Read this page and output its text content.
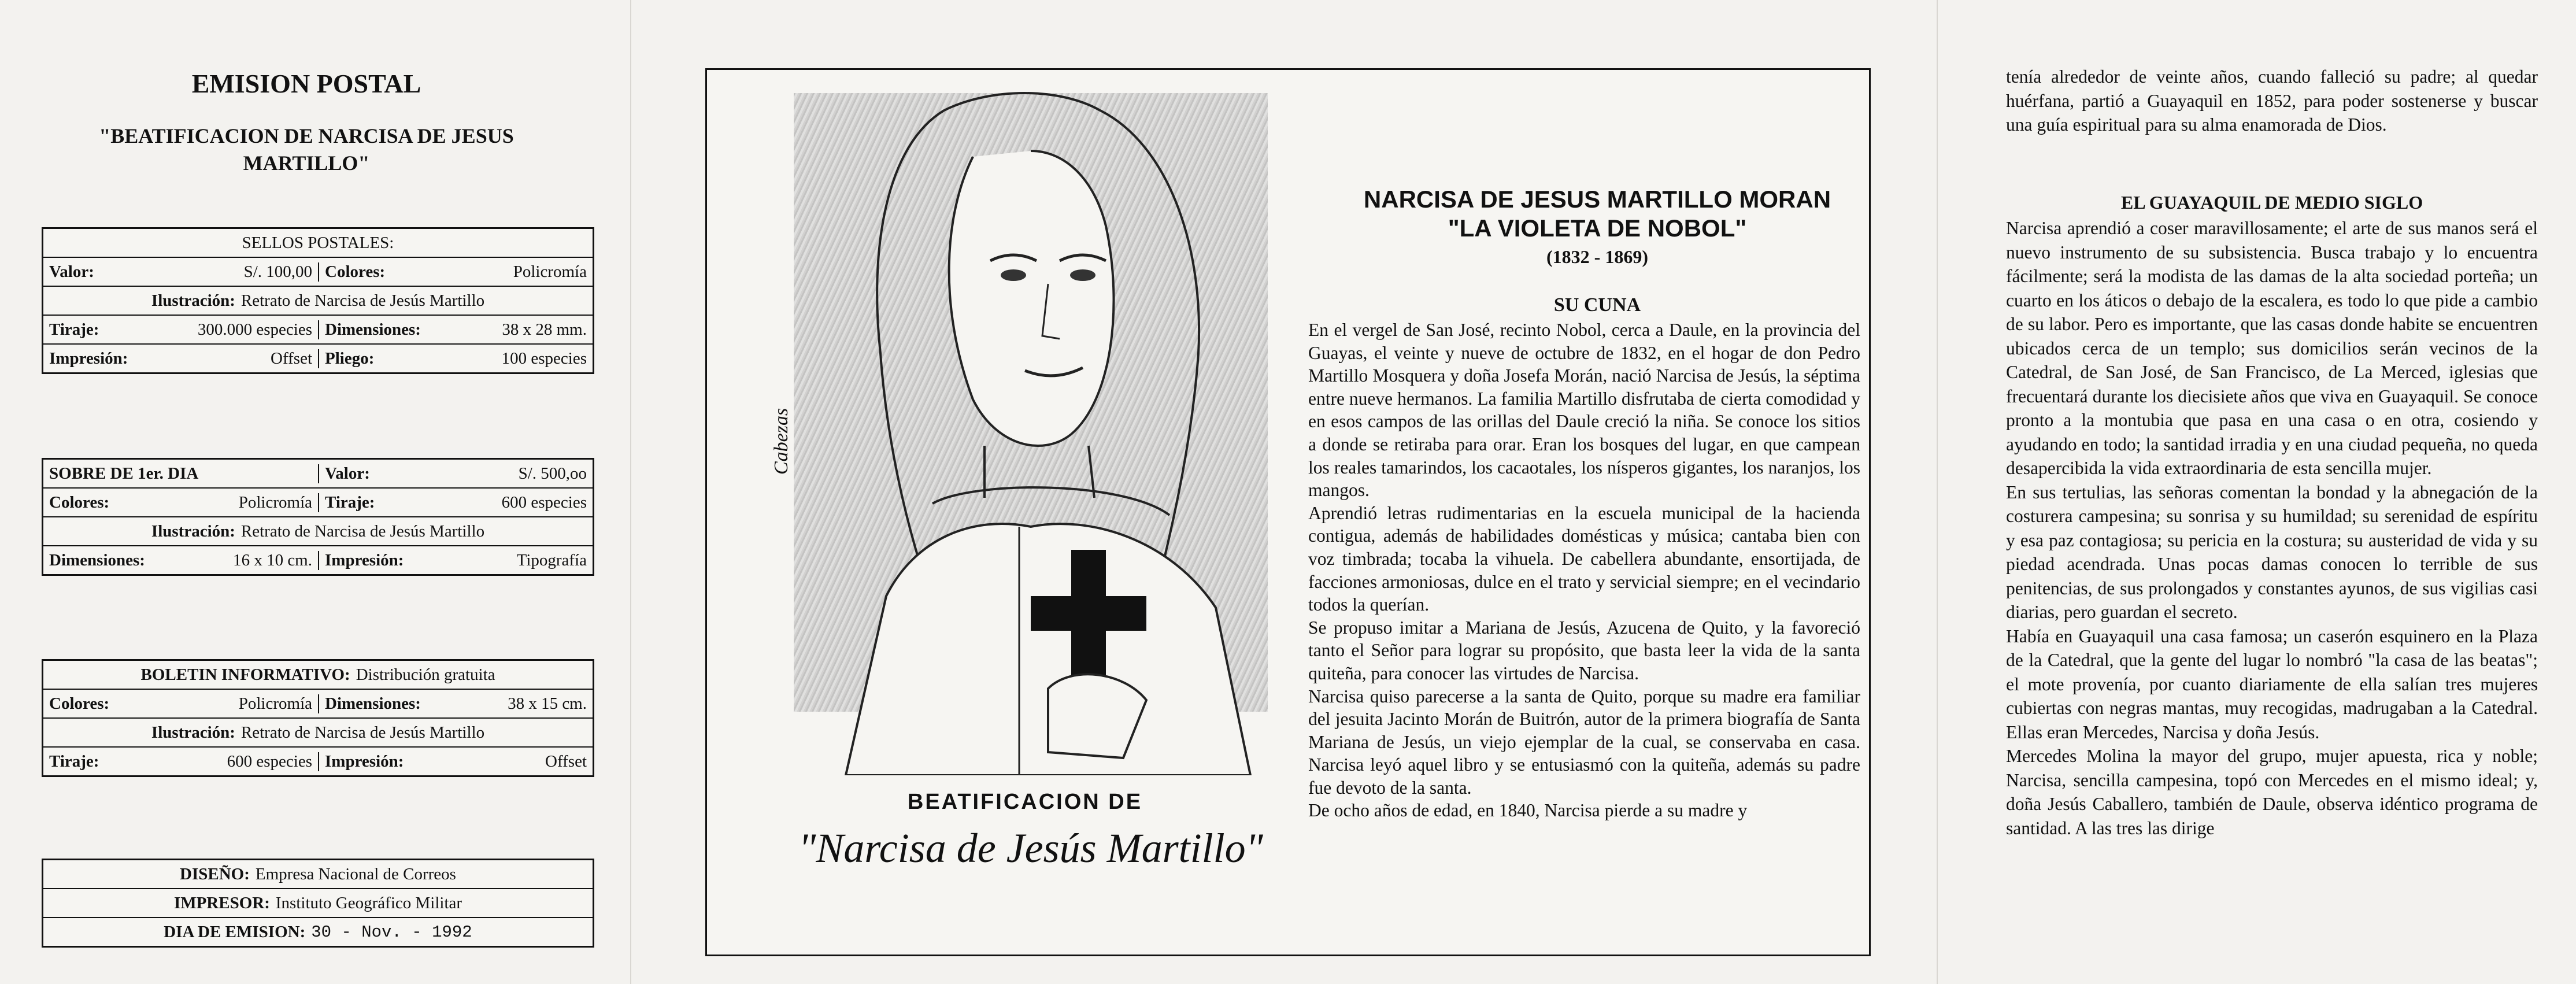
EMISION POSTAL
"BEATIFICACION DE NARCISA DE JESUS MARTILLO"
SELLOS POSTALES:
Valor:	S/. 100,00 Colores:	Policromía
Ilustración: Retrato de Narcisa de Jesús Martillo
Tiraje:	300.000 especies Dimensiones:	38 x 28 mm.
Impresión:	Offset Pliego:	100 especies
SOBRE DE 1er. DIA	Valor:	S/. 500,oo
Colores:	Policromía Tiraje:	600 especies
Ilustración: Retrato de Narcisa de Jesús Martillo
Dimensiones:	16 x 10 cm. Impresión:	Tipografía
BOLETIN INFORMATIVO: Distribución gratuita
Colores:	Policromía Dimensiones:	38 x 15 cm.
Ilustración: Retrato de Narcisa de Jesús Martillo
Tiraje:	600 especies Impresión:	Offset
DISEÑO: Empresa Nacional de Correos
IMPRESOR: Instituto Geográfico Militar
DIA DE EMISION: 30 - Nov. - 1992
Cabezas
BEATIFICACION DE
"Narcisa de Jesús Martillo"
NARCISA DE JESUS MARTILLO MORAN
"LA VIOLETA DE NOBOL"
(1832 - 1869)
SU CUNA

En el vergel de San José, recinto Nobol, cerca a Daule, en la provincia del Guayas, el veinte y nueve de octubre de 1832, en el hogar de don Pedro Martillo Mosquera y doña Josefa Morán, nació Narcisa de Jesús, la séptima entre nueve hermanos. La familia Martillo disfrutaba de cierta comodidad y en esos campos de las orillas del Daule creció la niña. Se conoce los sitios a donde se retiraba para orar. Eran los bosques del lugar, en que campean los reales tamarindos, los cacaotales, los nísperos gigantes, los naranjos, los mangos.

Aprendió letras rudimentarias en la escuela municipal de la hacienda contigua, además de habilidades domésticas y música; cantaba bien con voz timbrada; tocaba la vihuela. De cabellera abundante, ensortijada, de facciones armoniosas, dulce en el trato y servicial siempre; en el vecindario todos la querían.

Se propuso imitar a Mariana de Jesús, Azucena de Quito, y la favoreció tanto el Señor para lograr su propósito, que basta leer la vida de la santa quiteña, para conocer las virtudes de Narcisa.

Narcisa quiso parecerse a la santa de Quito, porque su madre era familiar del jesuita Jacinto Morán de Buitrón, autor de la primera biografía de Santa Mariana de Jesús, un viejo ejemplar de la cual, se conservaba en casa. Narcisa leyó aquel libro y se entusiasmó con la quiteña, además su padre fue devoto de la santa.

De ocho años de edad, en 1840, Narcisa pierde a su madre y

tenía alrededor de veinte años, cuando falleció su padre; al quedar huérfana, partió a Guayaquil en 1852, para poder sostenerse y buscar una guía espiritual para su alma enamorada de Dios.

EL GUAYAQUIL DE MEDIO SIGLO

Narcisa aprendió a coser maravillosamente; el arte de sus manos será el nuevo instrumento de su subsistencia. Busca trabajo y lo encuentra fácilmente; será la modista de las damas de la alta sociedad porteña; un cuarto en los áticos o debajo de la escalera, es todo lo que pide a cambio de su labor. Pero es importante, que las casas donde habite se encuentren ubicados cerca de un templo; sus domicilios serán vecinos de la Catedral, de San José, de San Francisco, de La Merced, iglesias que frecuentará durante los diecisiete años que viva en Guayaquil. Se conoce pronto a la montubia que pasa en una casa o en otra, cosiendo y ayudando en todo; la santidad irradia y en una ciudad pequeña, no queda desapercibida la vida extraordinaria de esta sencilla mujer.

En sus tertulias, las señoras comentan la bondad y la abnegación de la costurera campesina; su sonrisa y su humildad; su serenidad de espíritu y esa paz contagiosa; su pericia en la costura; su austeridad de vida y su piedad acendrada. Unas pocas damas conocen lo terrible de sus penitencias, de sus prolongados y constantes ayunos, de sus vigilias casi diarias, pero guardan el secreto.

Había en Guayaquil una casa famosa; un caserón esquinero en la Plaza de la Catedral, que la gente del lugar lo nombró "la casa de las beatas"; el mote provenía, por cuanto diariamente de ella salían tres mujeres cubiertas con negras mantas, muy recogidas, madrugaban a la Catedral. Ellas eran Mercedes, Narcisa y doña Jesús.

Mercedes Molina la mayor del grupo, mujer apuesta, rica y noble; Narcisa, sencilla campesina, topó con Mercedes en el mismo ideal; y, doña Jesús Caballero, también de Daule, observa idéntico programa de santidad. A las tres las dirige
